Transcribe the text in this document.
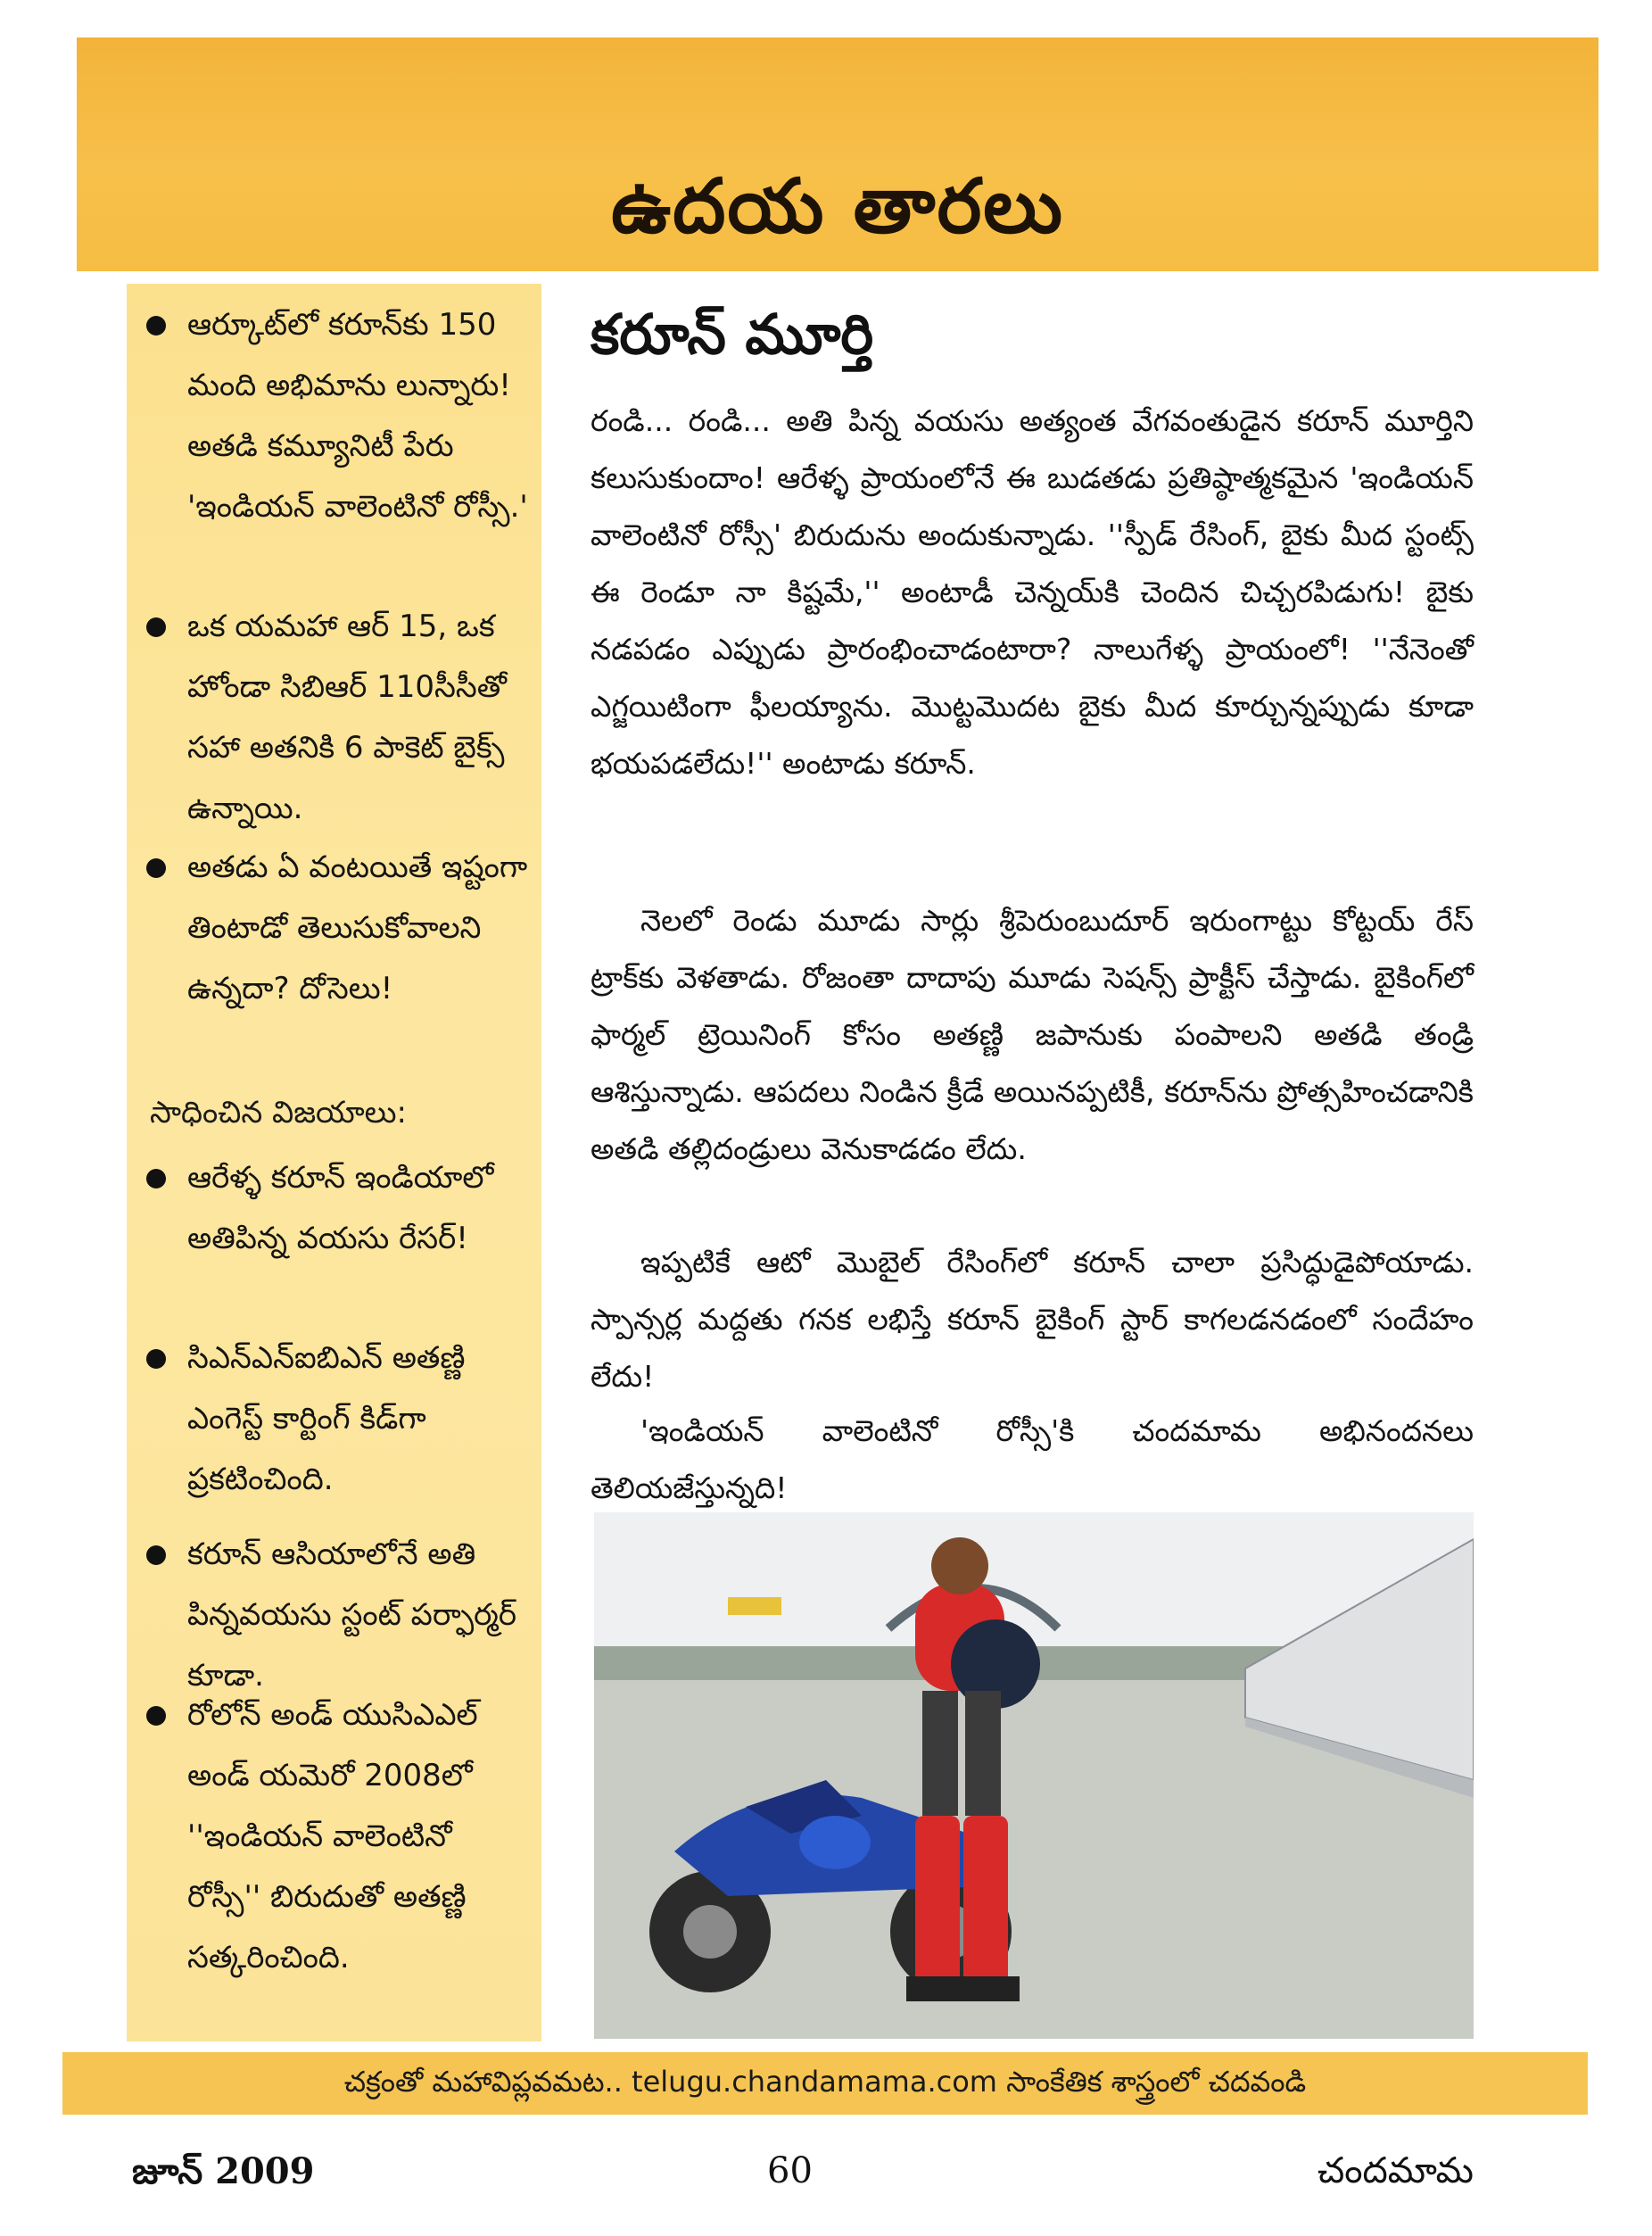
ఉదయ తారలు
ఆర్కూట్‌లో కరూన్‌కు 150 మంది అభిమాను లున్నారు! అతడి కమ్యూనిటీ పేరు 'ఇండియన్ వాలెంటినో రోస్సీ.'
ఒక యమహా ఆర్ 15, ఒక హోండా సిబిఆర్ 110సీసీతో సహా అతనికి 6 పాకెట్ బైక్స్ ఉన్నాయి.
అతడు ఏ వంటయితే ఇష్టంగా తింటాడో తెలుసుకోవాలని ఉన్నదా? దోసెలు!
సాధించిన విజయాలు:
ఆరేళ్ళ కరూన్ ఇండియాలో అతిపిన్న వయసు రేసర్!
సిఎన్ఎన్ఐబిఎన్ అతణ్ణి ఎంగెస్ట్ కార్టింగ్ కిడ్‌గా ప్రకటించింది.
కరూన్ ఆసియాలోనే అతి పిన్నవయసు స్టంట్ పర్ఫార్మర్ కూడా.
రోలోన్ అండ్ యుసిఎఎల్ అండ్ యమెరో 2008లో ''ఇండియన్ వాలెంటినో రోస్సీ'' బిరుదుతో అతణ్ణి సత్కరించింది.
కరూన్ మూర్తి

రండి... రండి... అతి పిన్న వయసు అత్యంత వేగవంతుడైన కరూన్ మూర్తిని కలుసుకుందాం! ఆరేళ్ళ ప్రాయంలోనే ఈ బుడతడు ప్రతిష్ఠాత్మకమైన 'ఇండియన్ వాలెంటినో రోస్సీ' బిరుదును అందుకున్నాడు. ''స్పీడ్ రేసింగ్, బైకు మీద స్టంట్స్ ఈ రెండూ నా కిష్టమే,'' అంటాడీ చెన్నయ్‌కి చెందిన చిచ్చరపిడుగు! బైకు నడపడం ఎప్పుడు ప్రారంభించాడంటారా? నాలుగేళ్ళ ప్రాయంలో! ''నేనెంతో ఎగ్జయిటింగా ఫీలయ్యాను. మొట్టమొదట బైకు మీద కూర్చున్నప్పుడు కూడా భయపడలేదు!'' అంటాడు కరూన్.

నెలలో రెండు మూడు సార్లు శ్రీపెరుంబుదూర్ ఇరుంగాట్టు కోట్టయ్ రేస్ ట్రాక్‌కు వెళతాడు. రోజంతా దాదాపు మూడు సెషన్స్ ప్రాక్టీస్ చేస్తాడు. బైకింగ్‌లో ఫార్మల్ ట్రెయినింగ్ కోసం అతణ్ణి జపానుకు పంపాలని అతడి తండ్రి ఆశిస్తున్నాడు. ఆపదలు నిండిన క్రీడే అయినప్పటికీ, కరూన్‌ను ప్రోత్సహించడానికి అతడి తల్లిదండ్రులు వెనుకాడడం లేదు.

ఇప్పటికే ఆటో మొబైల్ రేసింగ్‌లో కరూన్ చాలా ప్రసిద్ధుడైపోయాడు. స్పాన్సర్ల మద్దతు గనక లభిస్తే కరూన్ బైకింగ్ స్టార్ కాగలడనడంలో సందేహం లేదు!

'ఇండియన్ వాలెంటినో రోస్సీ'కి చందమామ అభినందనలు తెలియజేస్తున్నది!

చక్రంతో మహావిప్లవమట.. telugu.chandamama.com సాంకేతిక శాస్త్రంలో చదవండి
జూన్ 2009	60	చందమామ
